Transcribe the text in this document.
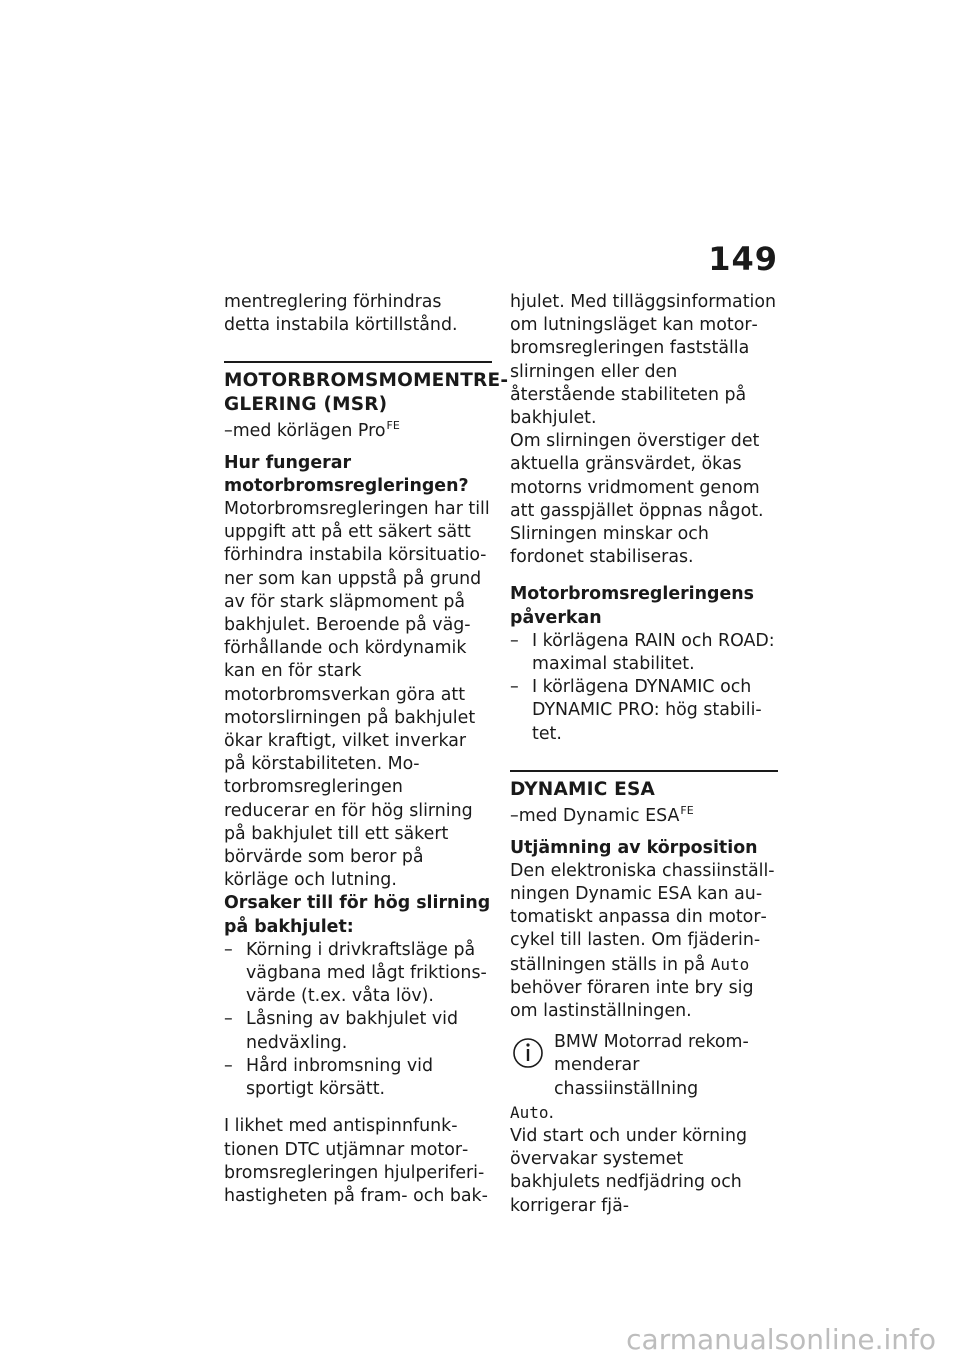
149

mentreglering förhindras detta instabila körtillstånd.

MOTORBROMSMOMENTREGLERING (MSR)

–med körlägen Pro$^{FE}$

Hur fungerar motorbromsregleringen?

Motorbromsregleringen har till uppgift att på ett säkert sätt förhindra instabila körsituationer som kan uppstå på grund av för stark släpmoment på bakhjulet. Beroende på vägförhållande och kördynamik kan en för stark motorbromsverkan göra att motorslirningen på bakhjulet ökar kraftigt, vilket inverkar på körstabiliteten. Motorbromsregleringen reducerar en för hög slirning på bakhjulet till ett säkert börvärde som beror på körläge och lutning.

Orsaker till för hög slirning på bakhjulet:

– Körning i drivkraftsläge på vägbana med lågt friktionsvärde (t.ex. våta löv).
– Låsning av bakhjulet vid nedväxling.
– Hård inbromsning vid sportigt körsätt.

I likhet med antispinnfunktionen DTC utjämnar motorbromsregleringen hjulperiferihastigheten på fram- och bak-

hjulet. Med tilläggsinformation om lutningsläget kan motorbromsregleringen fastställa slirningen eller den återstående stabiliteten på bakhjulet.

Om slirningen överstiger det aktuella gränsvärdet, ökas motorns vridmoment genom att gasspjället öppnas något. Slirningen minskar och fordonet stabiliseras.

Motorbromsregleringens påverkan

– I körlägena RAIN och ROAD: maximal stabilitet.
– I körlägena DYNAMIC och DYNAMIC PRO: hög stabilitet.
DYNAMIC ESA

–med Dynamic $ESA^{FE}$

Utjämning av körposition

Den elektroniska chassiinställningen Dynamic ESA kan automatiskt anpassa din motorcykel till lasten. Om fjäderinställningen ställs in på Auto behöver föraren inte bry sig om lastinställningen.

BMW Motorrad rekommenderar chassiinställning

Auto.

Vid start och under körning övervakar systemet bakhjulets nedfjädring och korrigerar fjä-

carmanualsonline.info
